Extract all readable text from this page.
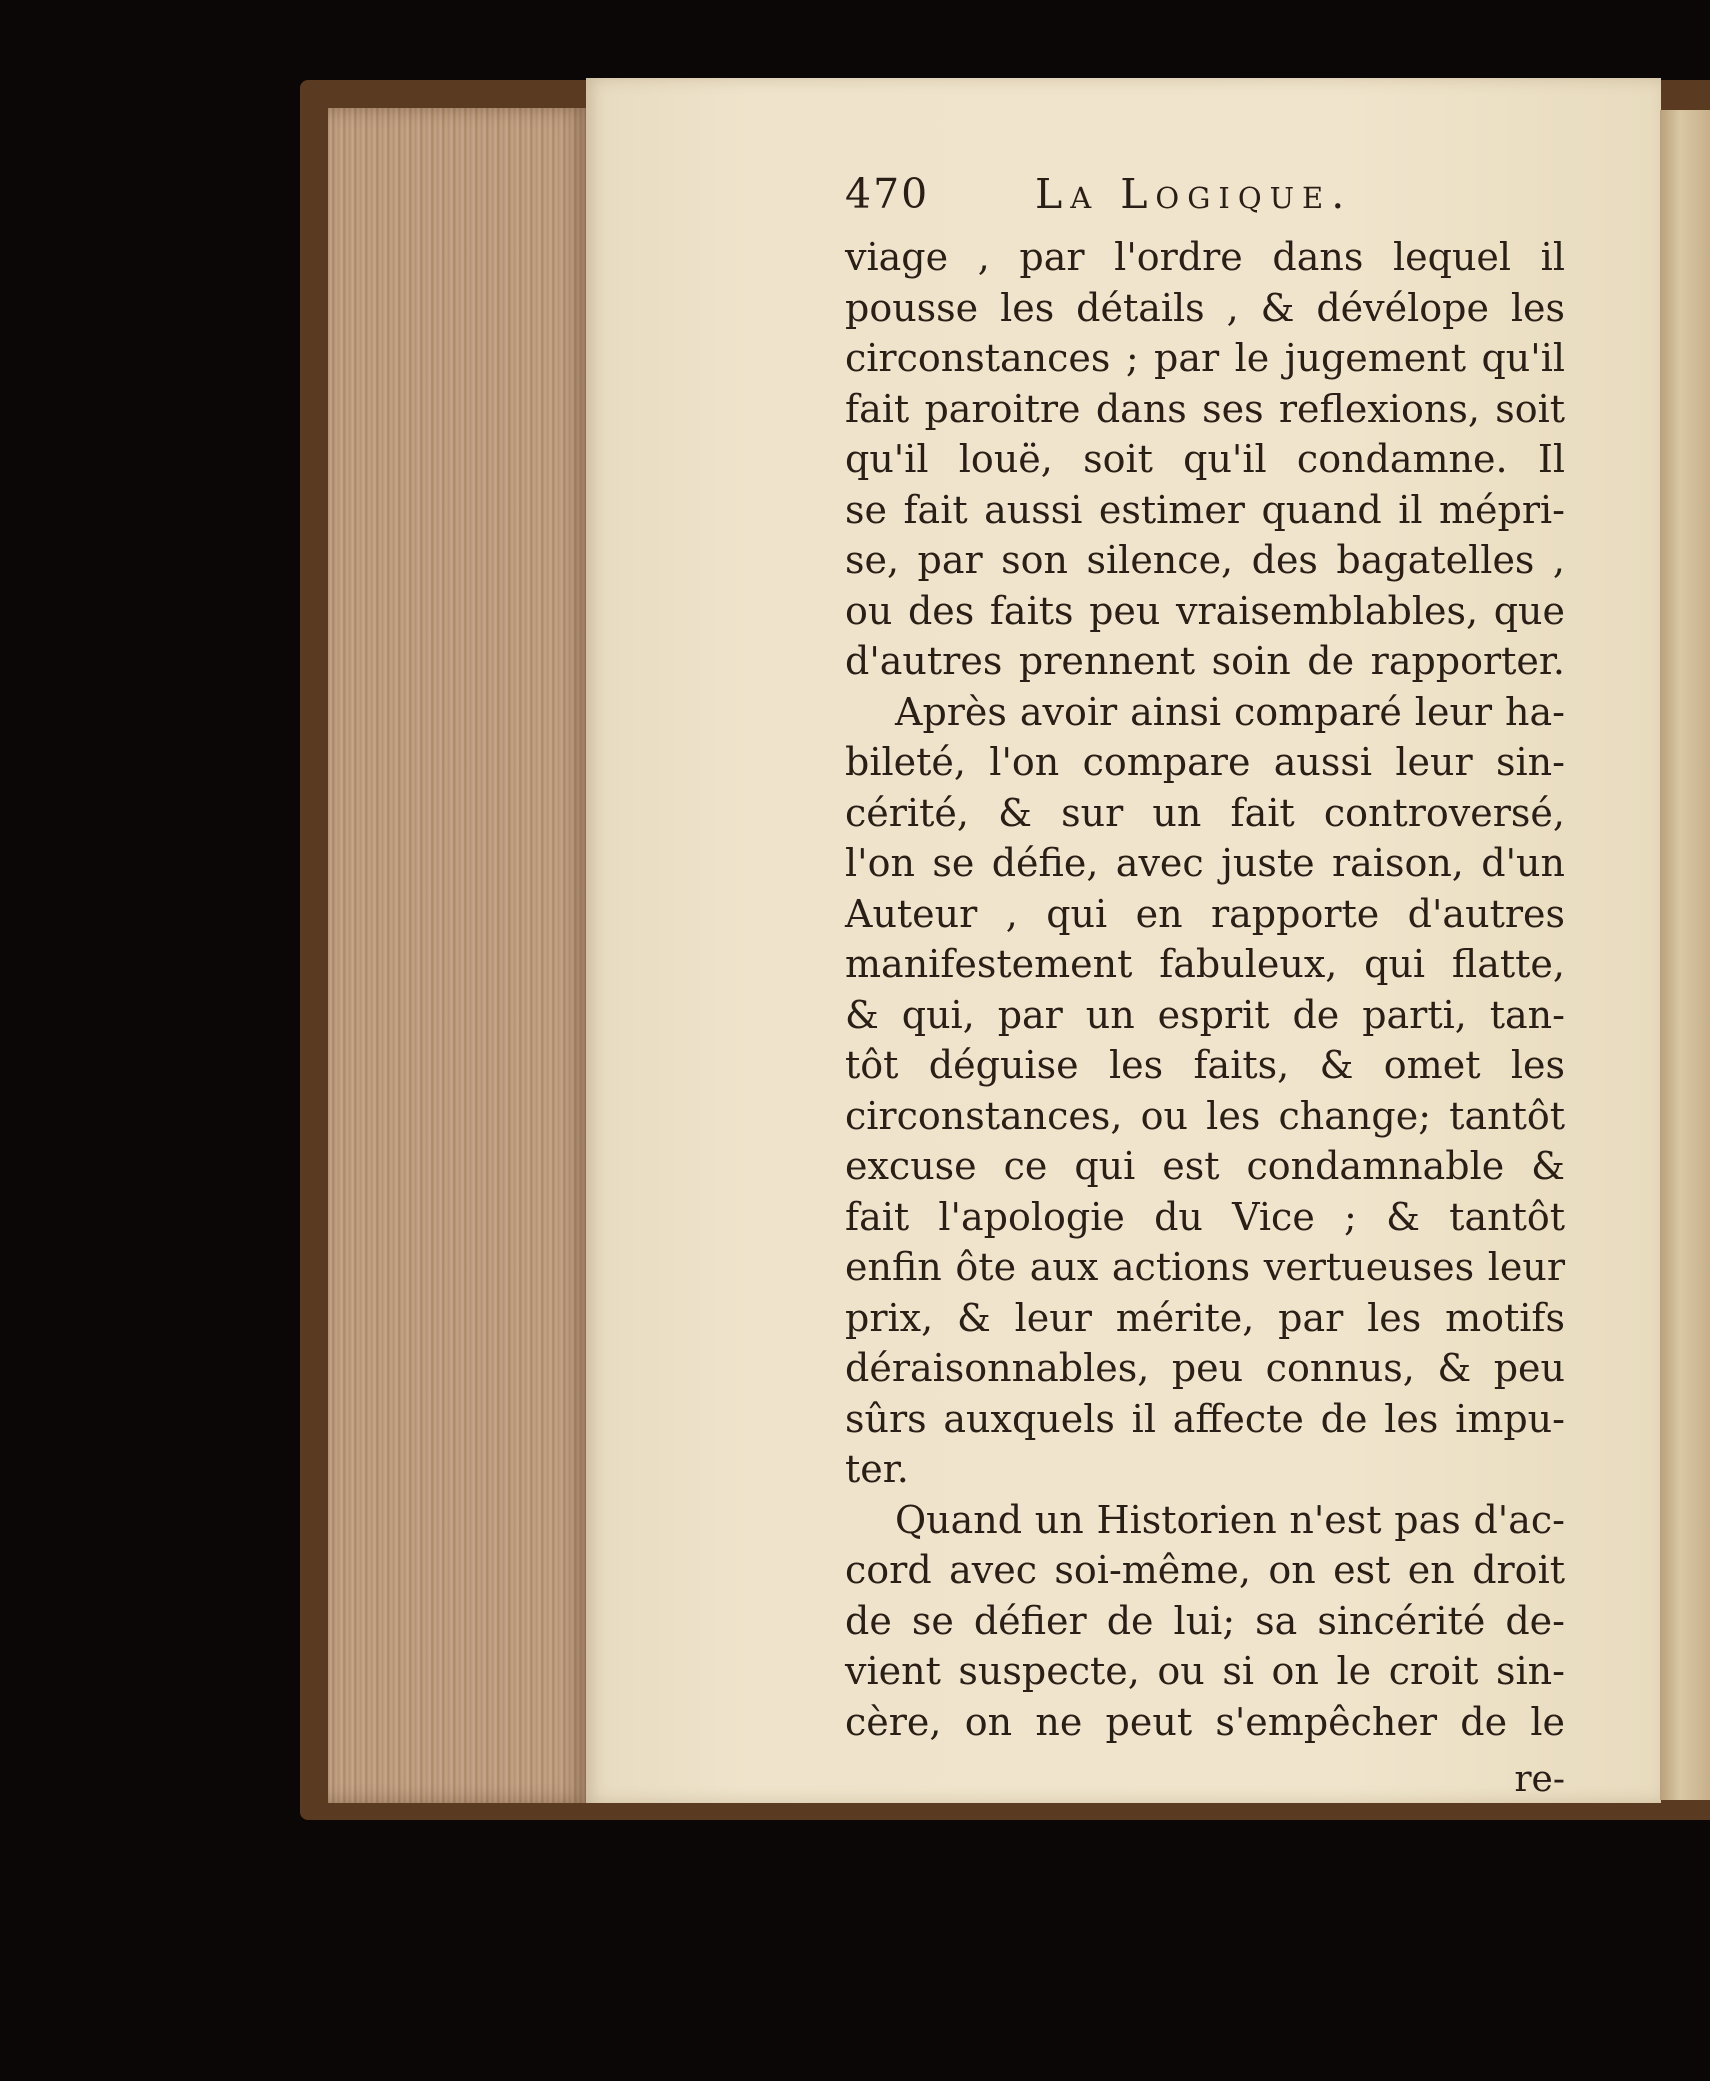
470	La Logique.
viage , par l'ordre dans lequel il
pousse les détails , & dévélope les
circonstances ; par le jugement qu'il
fait paroitre dans ses reflexions, soit
qu'il louë, soit qu'il condamne. Il
se fait aussi estimer quand il mépri-
se, par son silence, des bagatelles ,
ou des faits peu vraisemblables, que
d'autres prennent soin de rapporter.
Après avoir ainsi comparé leur ha-
bileté, l'on compare aussi leur sin-
cérité, & sur un fait controversé,
l'on se défie, avec juste raison, d'un
Auteur , qui en rapporte d'autres
manifestement fabuleux, qui flatte,
& qui, par un esprit de parti, tan-
tôt déguise les faits, & omet les
circonstances, ou les change; tantôt
excuse ce qui est condamnable &
fait l'apologie du Vice ; & tantôt
enfin ôte aux actions vertueuses leur
prix, & leur mérite, par les motifs
déraisonnables, peu connus, & peu
sûrs auxquels il affecte de les impu-
ter.
Quand un Historien n'est pas d'ac-
cord avec soi-même, on est en droit
de se défier de lui; sa sincérité de-
vient suspecte, ou si on le croit sin-
cère, on ne peut s'empêcher de le
re-
